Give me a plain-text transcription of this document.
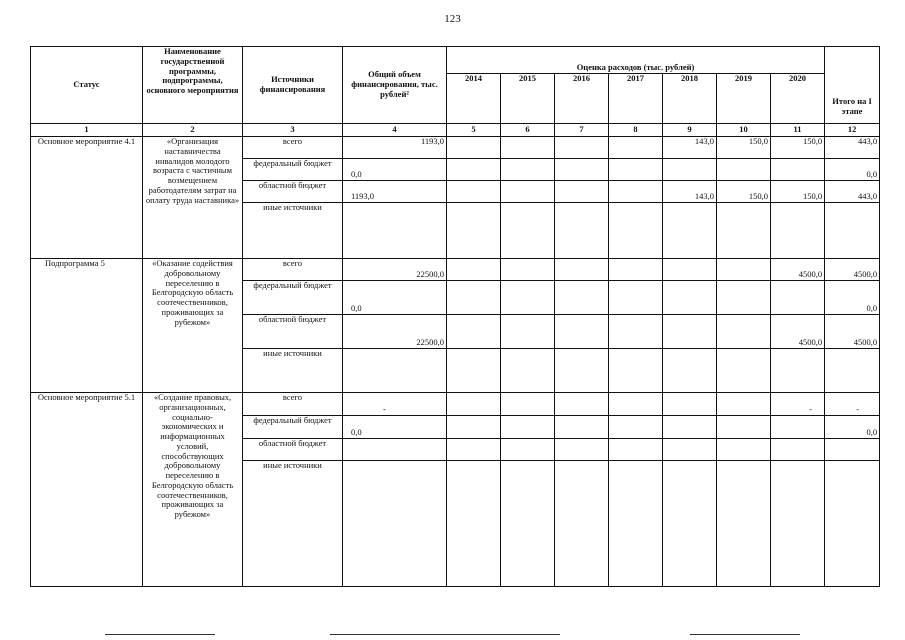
123
Статус	Наименование государственной программы, подпрограммы, основного мероприятия	Источники финансирования	Общий объем финансирования, тыс. рублей²	Оценка расходов (тыс. рублей)							Итого на I этапе
				2014	2015	2016	2017	2018	2019	2020	
1	2	3	4	5	6	7	8	9	10	11	12
Основное мероприятие 4.1	«Организация наставничества инвалидов молодого возраста с частичным возмещением работодателям затрат на оплату труда наставника»	всего	1193,0					143,0	150,0	150,0	443,0
		федеральный бюджет	0,0								0,0
		областной бюджет	1193,0					143,0	150,0	150,0	443,0
		иные источники									
Подпрограмма 5	«Оказание содействия добровольному переселению в Белгородскую область соотечественников, проживающих за рубежом»	всего	22500,0							4500,0	4500,0
		федеральный бюджет	0,0								0,0
		областной бюджет	22500,0							4500,0	4500,0
		иные источники									
Основное мероприятие 5.1	«Создание правовых, организационных, социально-экономических и информационных условий, способствующих добровольному переселению в Белгородскую область соотечественников, проживающих за рубежом»	всего	-							-	-
		федеральный бюджет	0,0								0,0
		областной бюджет									
		иные источники									
